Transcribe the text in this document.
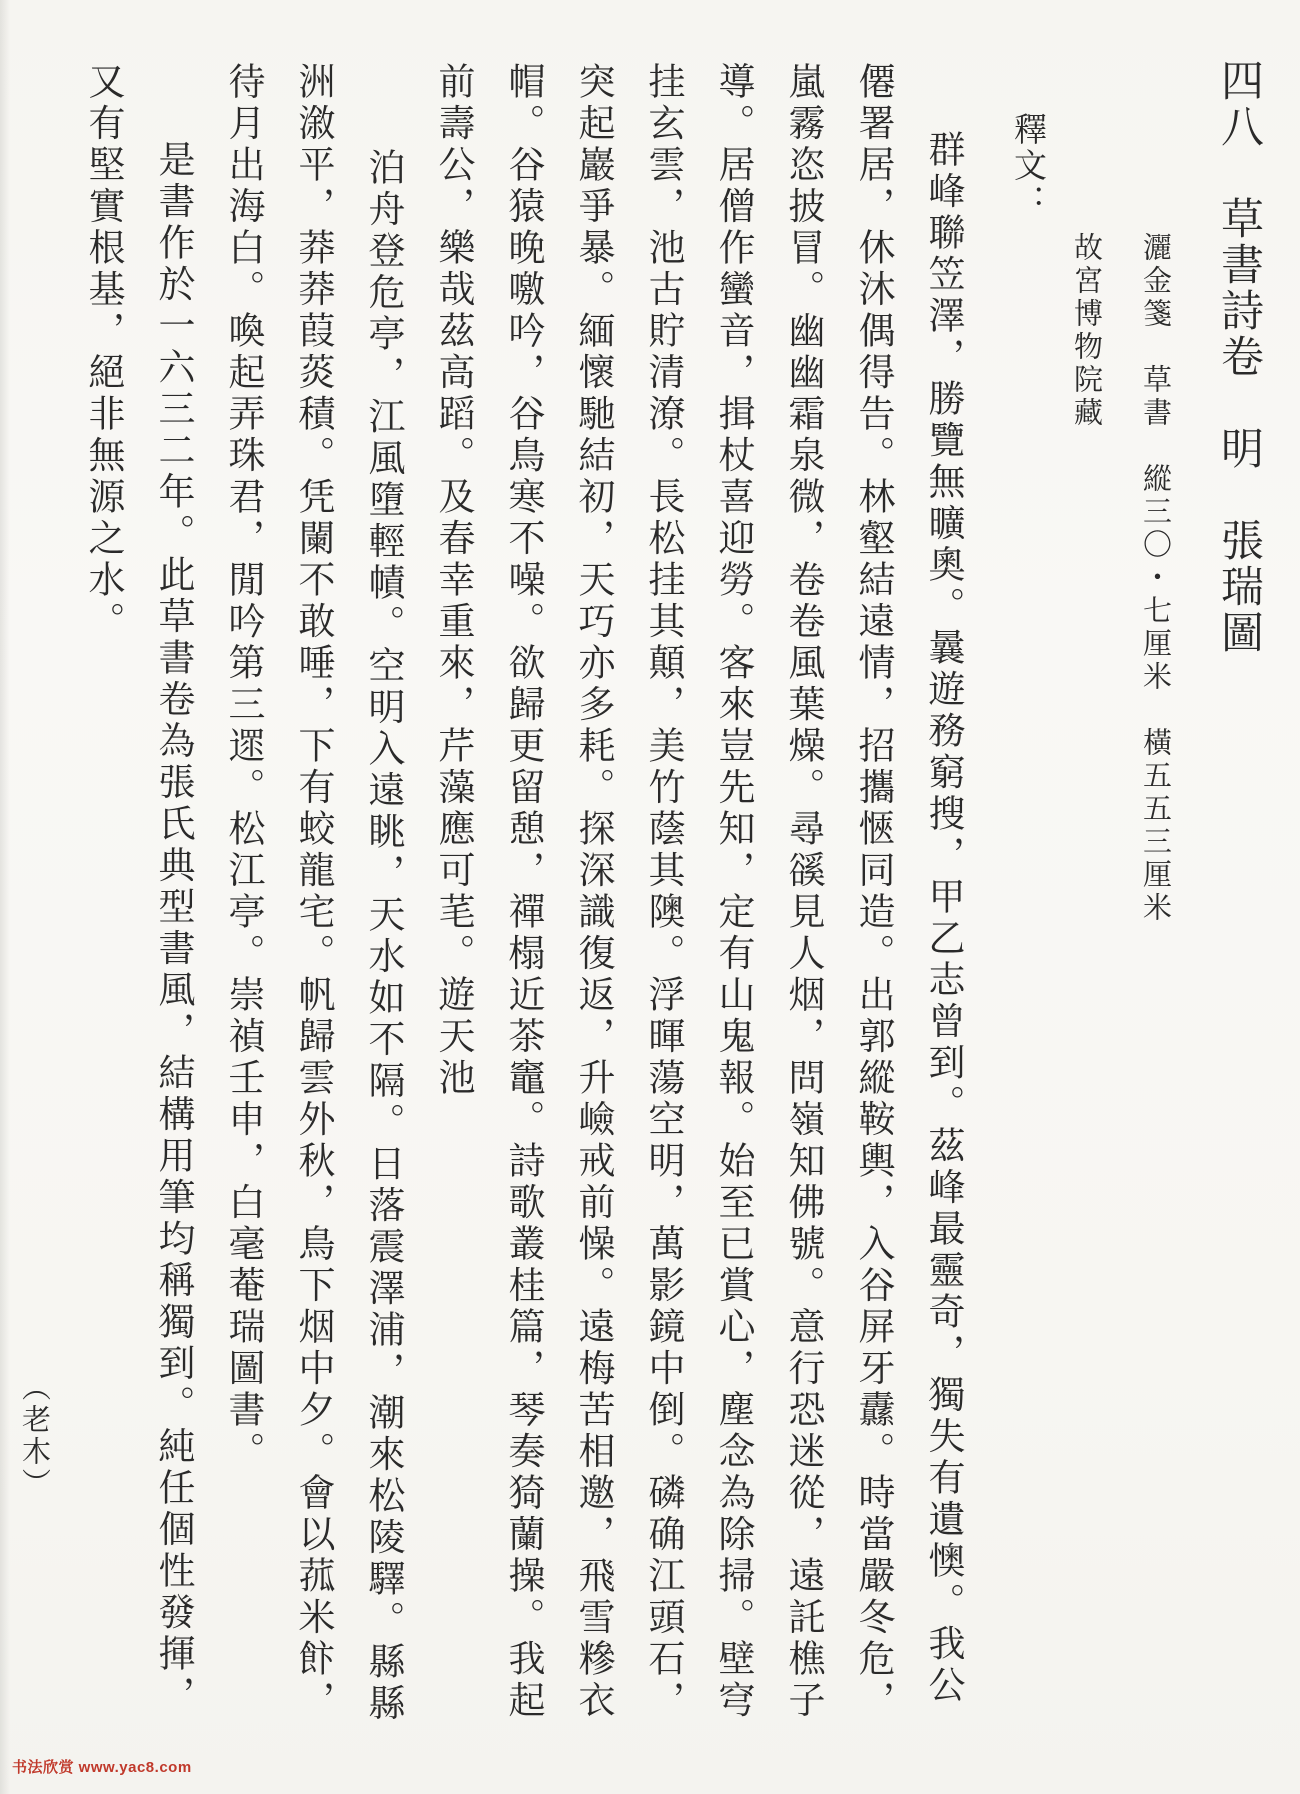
四八　草書詩卷　明　張瑞圖
灑金箋　草書　縱三〇・七厘米　橫五五三厘米
故宮博物院藏
釋文：
群峰聯笠澤，勝覽無曠奧。曩遊務窮搜，甲乙志曾到。茲峰最靈奇，獨失有遺懊。我公
僊署居，休沐偶得告。林壑結遠情，招攜愜同造。出郭縱鞍輿，入谷屏牙纛。時當嚴冬危，
嵐霧恣披冒。幽幽霜泉微，卷卷風葉燥。尋豀見人烟，問嶺知佛號。意行恐迷從，遠託樵子
導。居僧作蠻音，揖杖喜迎勞。客來豈先知，定有山鬼報。始至已賞心，塵念為除掃。壁穹
挂玄雲，池古貯清潦。長松挂其顛，美竹蔭其隩。浮暉蕩空明，萬影鏡中倒。磷确江頭石，
突起巖爭暴。緬懷馳結初，天巧亦多耗。探深識復返，升嶮戒前懆。遠梅苦相邀，飛雪糝衣
帽。谷猿晚噭吟，谷鳥寒不噪。欲歸更留憩，禪榻近茶竈。詩歌叢桂篇，琴奏猗蘭操。我起
前壽公，樂哉茲高蹈。及春幸重來，芹藻應可芼。遊天池
泊舟登危亭，江風墮輕幘。空明入遠眺，天水如不隔。日落震澤浦，潮來松陵驛。縣縣
洲漵平，莽莽葭菼積。凭闌不敢唾，下有蛟龍宅。帆歸雲外秋，鳥下烟中夕。會以菰米飰，
待月出海白。喚起弄珠君，閒吟第三遝。松江亭。崇禎壬申，白毫菴瑞圖書。
是書作於一六三二年。此草書卷為張氏典型書風，結構用筆均稱獨到。純任個性發揮，
又有堅實根基，絕非無源之水。
（老木）
书法欣赏 www.yac8.com
